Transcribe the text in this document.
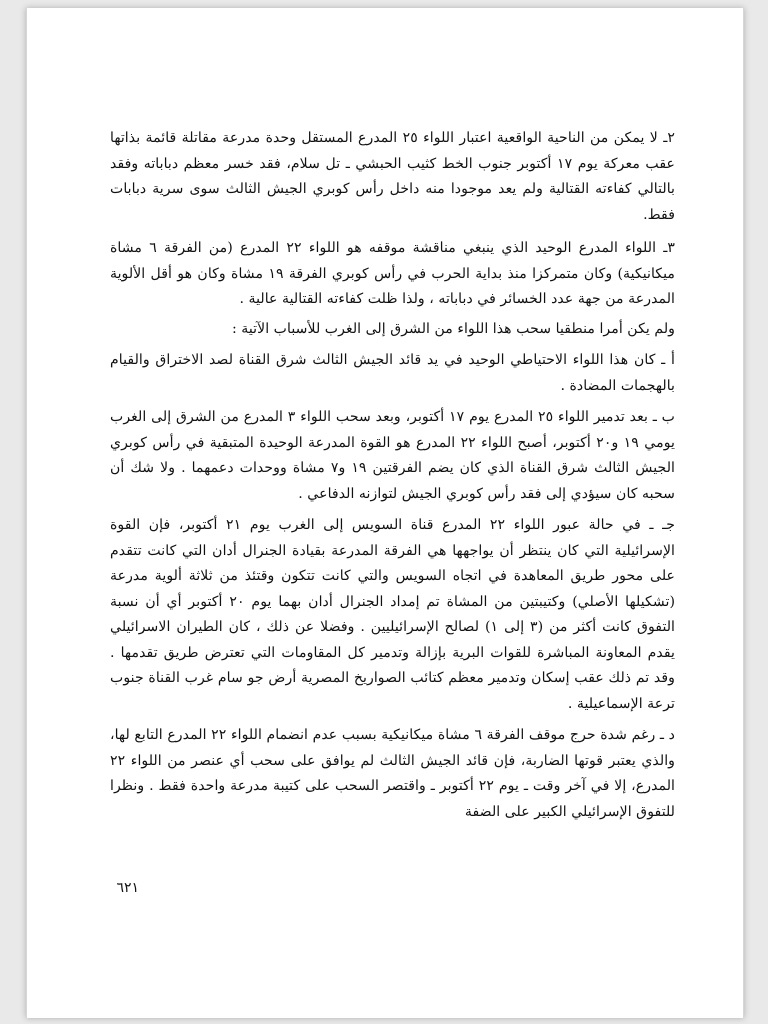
٢ـ لا يمكن من الناحية الواقعية اعتبار اللواء ٢٥ المدرع المستقل وحدة مدرعة مقاتلة قائمة بذاتها عقب معركة يوم ١٧ أكتوبر جنوب الخط كثيب الحبشي ـ تل سلام، فقد خسر معظم دباباته وفقد بالتالي كفاءته القتالية ولم يعد موجودا منه داخل رأس كوبري الجيش الثالث سوى سرية دبابات فقط.

٣ـ اللواء المدرع الوحيد الذي ينبغي مناقشة موقفه هو اللواء ٢٢ المدرع (من الفرقة ٦ مشاة ميكانيكية) وكان متمركزا منذ بداية الحرب في رأس كوبري الفرقة ١٩ مشاة وكان هو أقل الألوية المدرعة من جهة عدد الخسائر في دباباته ، ولذا ظلت كفاءته القتالية عالية .

ولم يكن أمرا منطقيا سحب هذا اللواء من الشرق إلى الغرب للأسباب الآتية :

أ ـ كان هذا اللواء الاحتياطي الوحيد في يد قائد الجيش الثالث شرق القناة لصد الاختراق والقيام بالهجمات المضادة .

ب ـ بعد تدمير اللواء ٢٥ المدرع يوم ١٧ أكتوبر، وبعد سحب اللواء ٣ المدرع من الشرق إلى الغرب يومي ١٩ و٢٠ أكتوبر، أصبح اللواء ٢٢ المدرع هو القوة المدرعة الوحيدة المتبقية في رأس كوبري الجيش الثالث شرق القناة الذي كان يضم الفرقتين ١٩ و٧ مشاة ووحدات دعمهما . ولا شك أن سحبه كان سيؤدي إلى فقد رأس كوبري الجيش لتوازنه الدفاعي .

جـ ـ في حالة عبور اللواء ٢٢ المدرع قناة السويس إلى الغرب يوم ٢١ أكتوبر، فإن القوة الإسرائيلية التي كان ينتظر أن يواجهها هي الفرقة المدرعة بقيادة الجنرال أدان التي كانت تتقدم على محور طريق المعاهدة في اتجاه السويس والتي كانت تتكون وقتئذ من ثلاثة ألوية مدرعة (تشكيلها الأصلي) وكتيبتين من المشاة تم إمداد الجنرال أدان بهما يوم ٢٠ أكتوبر أي أن نسبة التفوق كانت أكثر من (٣ إلى ١) لصالح الإسرائيليين . وفضلا عن ذلك ، كان الطيران الاسرائيلي يقدم المعاونة المباشرة للقوات البرية بإزالة وتدمير كل المقاومات التي تعترض طريق تقدمها . وقد تم ذلك عقب إسكان وتدمير معظم كتائب الصواريخ المصرية أرض جو سام غرب القناة جنوب ترعة الإسماعيلية .

د ـ رغم شدة حرج موقف الفرقة ٦ مشاة ميكانيكية بسبب عدم انضمام اللواء ٢٢ المدرع التابع لها، والذي يعتبر قوتها الضاربة، فإن قائد الجيش الثالث لم يوافق على سحب أي عنصر من اللواء ٢٢ المدرع، إلا في آخر وقت ـ يوم ٢٢ أكتوبر ـ واقتصر السحب على كتيبة مدرعة واحدة فقط . ونظرا للتفوق الإسرائيلي الكبير على الضفة

٦٢١
